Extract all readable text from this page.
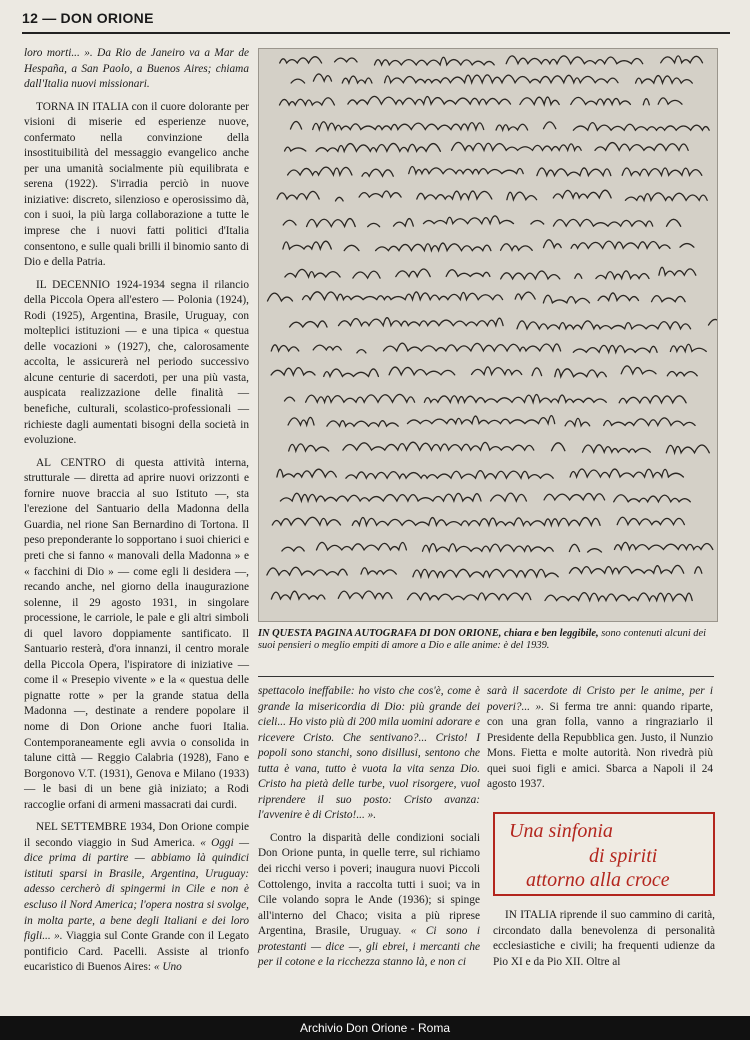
12 — DON ORIONE

loro morti... ». Da Rio de Janeiro va a Mar de Hespaña, a San Paolo, a Buenos Aires; chiama dall'Italia nuovi missionari.

TORNA IN ITALIA con il cuore dolorante per visioni di miserie ed esperienze nuove, confermato nella convinzione della insostituibilità del messaggio evangelico anche per una umanità socialmente più equilibrata e serena (1922). S'irradia perciò in nuove iniziative: discreto, silenzioso e operosissimo dà, con i suoi, la più larga collaborazione a tutte le imprese che i nuovi fatti politici d'Italia consentono, e sulle quali brilli il binomio santo di Dio e della Patria.

IL DECENNIO 1924-1934 segna il rilancio della Piccola Opera all'estero — Polonia (1924), Rodi (1925), Argentina, Brasile, Uruguay, con molteplici istituzioni — e una tipica « questua delle vocazioni » (1927), che, calorosamente accolta, le assicurerà nel periodo successivo alcune centurie di sacerdoti, per una più vasta, auspicata realizzazione delle finalità — benefiche, culturali, scolastico-professionali — richieste dagli aumentati bisogni della società in evoluzione.

AL CENTRO di questa attività interna, strutturale — diretta ad aprire nuovi orizzonti e fornire nuove braccia al suo Istituto —, sta l'erezione del Santuario della Madonna della Guardia, nel rione San Bernardino di Tortona. Il peso preponderante lo sopportano i suoi chierici e preti che si fanno « manovali della Madonna » e « facchini di Dio » — come egli li desidera —, recando anche, nel giorno della inaugurazione solenne, il 29 agosto 1931, in singolare processione, le carriole, le pale e gli altri simboli di quel lavoro doppiamente santificato. Il Santuario resterà, d'ora innanzi, il centro morale della Piccola Opera, l'ispiratore di iniziative — come il « Presepio vivente » e la « questua delle pignatte rotte » per la grande statua della Madonna —, destinate a rendere popolare il nome di Don Orione anche fuori Italia. Contemporaneamente egli avvia o consolida in talune città — Reggio Calabria (1928), Fano e Borgonovo V.T. (1931), Genova e Milano (1933) — le basi di un bene già iniziato; a Rodi raccoglie orfani di armeni massacrati dai curdi.

NEL SETTEMBRE 1934, Don Orione compie il secondo viaggio in Sud America. « Oggi — dice prima di partire — abbiamo là quindici istituti sparsi in Brasile, Argentina, Uruguay: adesso cercherò di spingermi in Cile e non è escluso il Nord America; l'opera nostra si svolge, in molta parte, a bene degli Italiani e dei loro figli... ». Viaggia sul Conte Grande con il Legato pontificio Card. Pacelli. Assiste al trionfo eucaristico di Buenos Aires: « Uno

IN QUESTA PAGINA AUTOGRAFA DI DON ORIONE, chiara e ben leggibile, sono contenuti alcuni dei suoi pensieri o meglio empiti di amore a Dio e alle anime: è del 1939.

spettacolo ineffabile: ho visto che cos'è, come è grande la misericordia di Dio: più grande dei cieli... Ho visto più di 200 mila uomini adorare e ricevere Cristo. Che sentivano?... Cristo! I popoli sono stanchi, sono disillusi, sentono che tutta è vana, tutto è vuota la vita senza Dio. Cristo ha pietà delle turbe, vuol risorgere, vuol riprendere il suo posto: Cristo avanza: l'avvenire è di Cristo!... ».

Contro la disparità delle condizioni sociali Don Orione punta, in quelle terre, sul richiamo dei ricchi verso i poveri; inaugura nuovi Piccoli Cottolengo, invita a raccolta tutti i suoi; va in Cile volando sopra le Ande (1936); si spinge all'interno del Chaco; visita a più riprese Argentina, Brasile, Uruguay. « Ci sono i protestanti — dice —, gli ebrei, i mercanti che per il cotone e la ricchezza stanno là, e non ci

sarà il sacerdote di Cristo per le anime, per i poveri?... ». Si ferma tre anni: quando riparte, con una gran folla, vanno a ringraziarlo il Presidente della Repubblica gen. Justo, il Nunzio Mons. Fietta e molte autorità. Non rivedrà più quei suoi figli e amici. Sbarca a Napoli il 24 agosto 1937.

Una sinfonia
di spiriti
attorno alla croce

IN ITALIA riprende il suo cammino di carità, circondato dalla benevolenza di personalità ecclesiastiche e civili; ha frequenti udienze da Pio XI e da Pio XII. Oltre al

Archivio Don Orione - Roma
